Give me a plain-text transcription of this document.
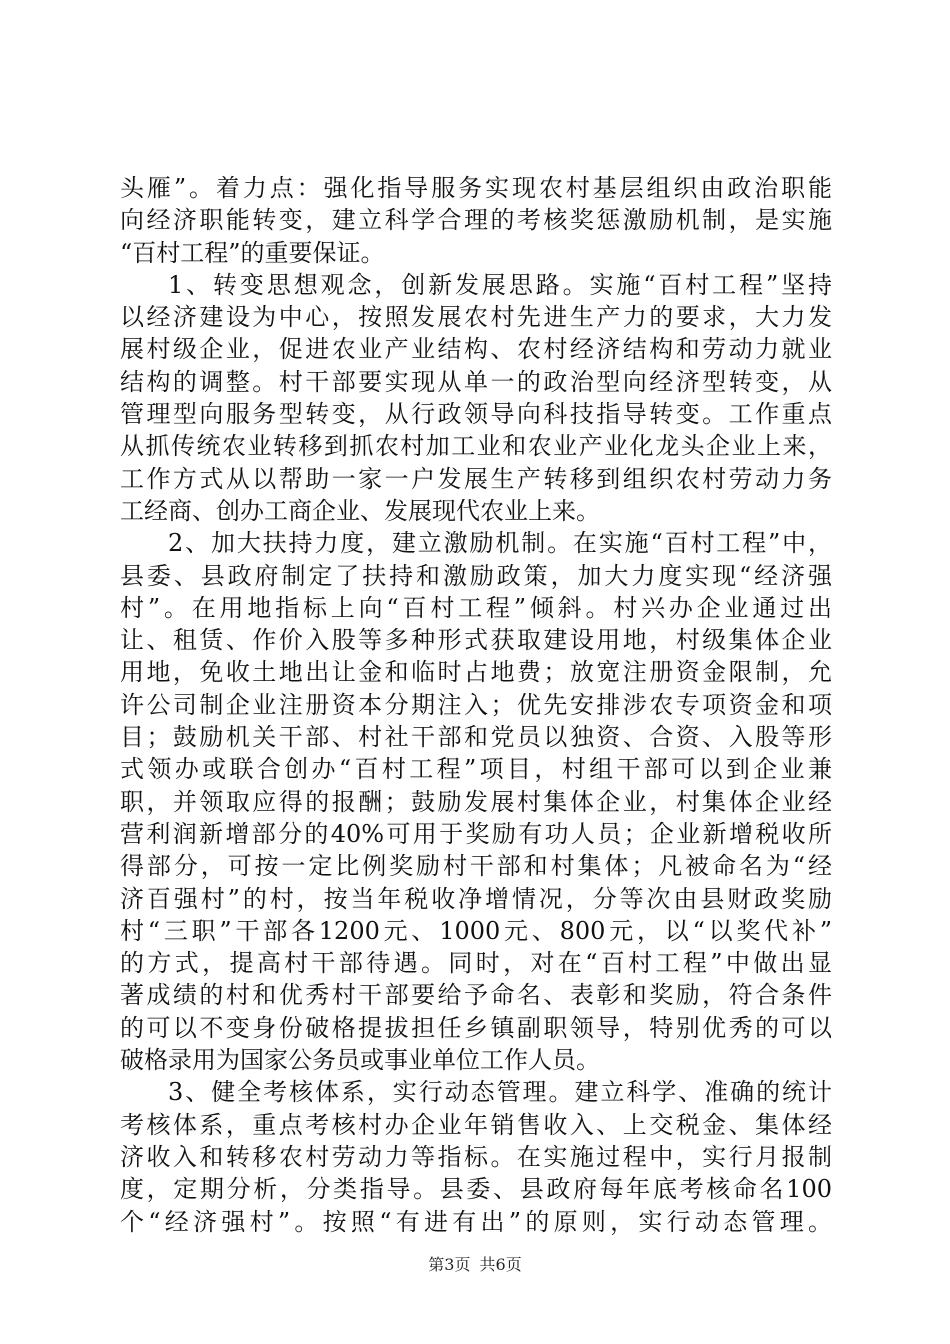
头雁”。着力点：强化指导服务实现农村基层组织由政治职能
向经济职能转变，建立科学合理的考核奖惩激励机制，是实施
“百村工程”的重要保证。
1、转变思想观念，创新发展思路。实施“百村工程”坚持
以经济建设为中心，按照发展农村先进生产力的要求，大力发
展村级企业，促进农业产业结构、农村经济结构和劳动力就业
结构的调整。村干部要实现从单一的政治型向经济型转变，从
管理型向服务型转变，从行政领导向科技指导转变。工作重点
从抓传统农业转移到抓农村加工业和农业产业化龙头企业上来，
工作方式从以帮助一家一户发展生产转移到组织农村劳动力务
工经商、创办工商企业、发展现代农业上来。
2、加大扶持力度，建立激励机制。在实施“百村工程”中，
县委、县政府制定了扶持和激励政策，加大力度实现“经济强
村”。在用地指标上向“百村工程”倾斜。村兴办企业通过出
让、租赁、作价入股等多种形式获取建设用地，村级集体企业
用地，免收土地出让金和临时占地费；放宽注册资金限制，允
许公司制企业注册资本分期注入；优先安排涉农专项资金和项
目；鼓励机关干部、村社干部和党员以独资、合资、入股等形
式领办或联合创办“百村工程”项目，村组干部可以到企业兼
职，并领取应得的报酬；鼓励发展村集体企业，村集体企业经
营利润新增部分的40%可用于奖励有功人员；企业新增税收所
得部分，可按一定比例奖励村干部和村集体；凡被命名为“经
济百强村”的村，按当年税收净增情况，分等次由县财政奖励
村“三职”干部各1200元、1000元、800元，以“以奖代补”
的方式，提高村干部待遇。同时，对在“百村工程”中做出显
著成绩的村和优秀村干部要给予命名、表彰和奖励，符合条件
的可以不变身份破格提拔担任乡镇副职领导，特别优秀的可以
破格录用为国家公务员或事业单位工作人员。
3、健全考核体系，实行动态管理。建立科学、准确的统计
考核体系，重点考核村办企业年销售收入、上交税金、集体经
济收入和转移农村劳动力等指标。在实施过程中，实行月报制
度，定期分析，分类指导。县委、县政府每年底考核命名100
个“经济强村”。按照“有进有出”的原则，实行动态管理。
第3页 共6页
